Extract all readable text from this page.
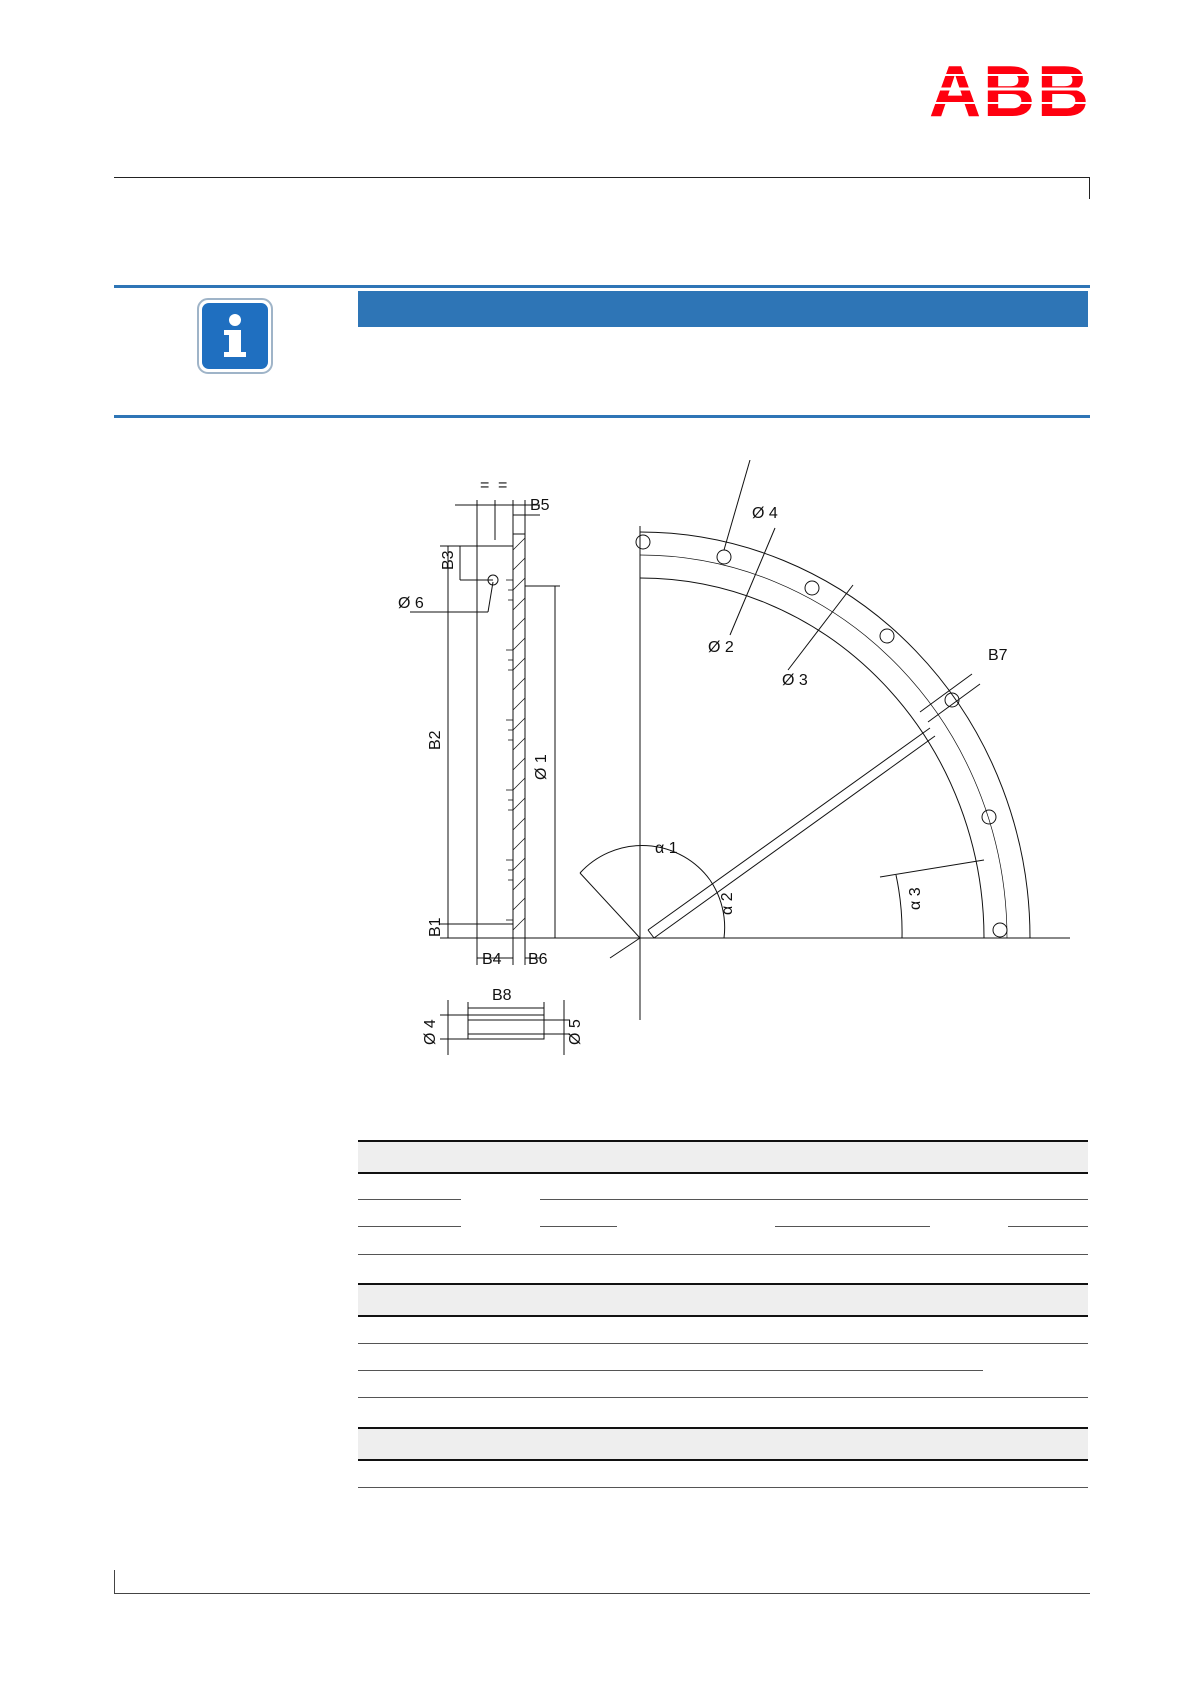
ABB
= =
B5
B3
Ø 6
B2
Ø 1
B1
B4 B6
Ø 4
Ø 2
Ø 3
B7
α 1
α 2	α 3
B8
Ø 4	Ø 5
